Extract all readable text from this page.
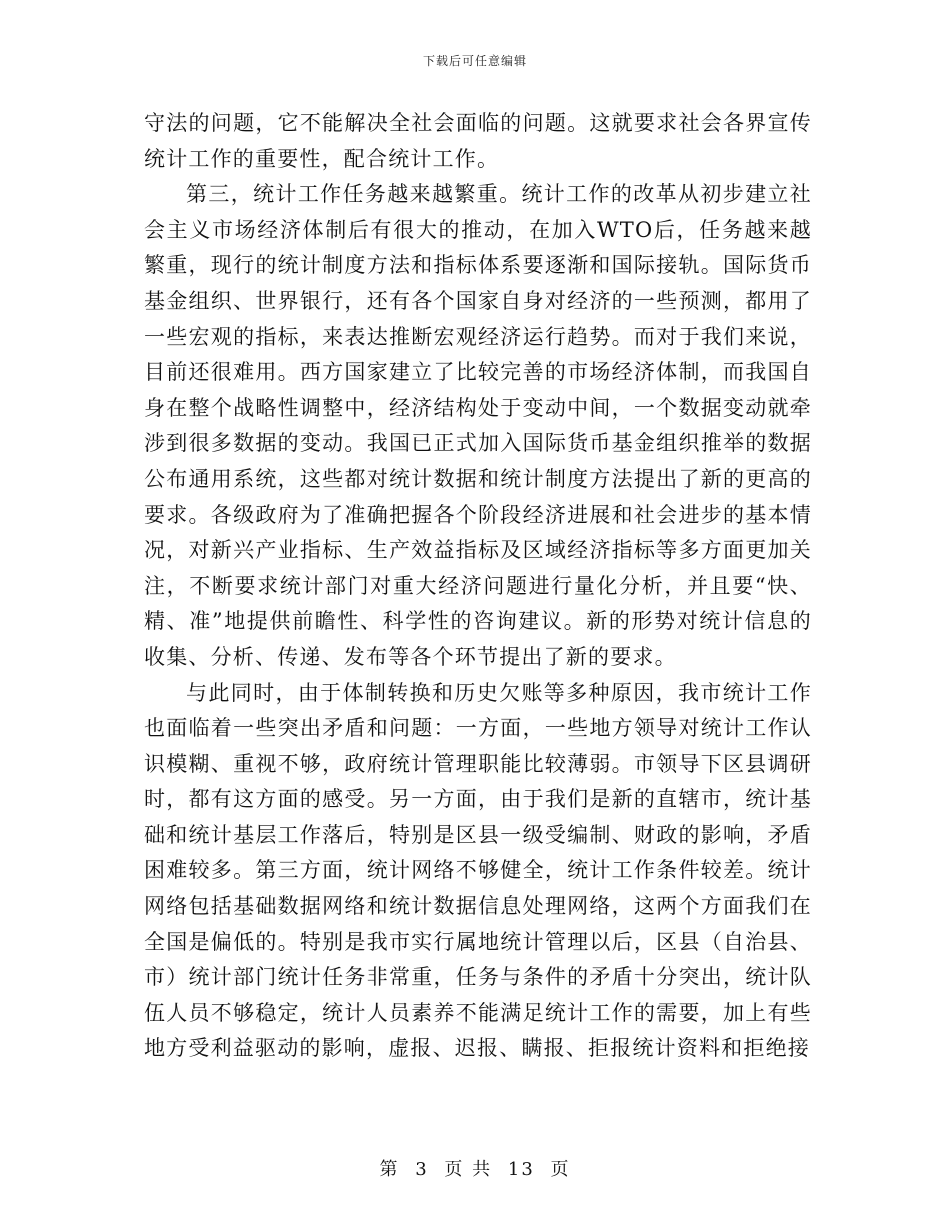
下载后可任意编辑

守法的问题，它不能解决全社会面临的问题。这就要求社会各界宣传统计工作的重要性，配合统计工作。

第三，统计工作任务越来越繁重。统计工作的改革从初步建立社会主义市场经济体制后有很大的推动，在加入WTO后，任务越来越繁重，现行的统计制度方法和指标体系要逐渐和国际接轨。国际货币基金组织、世界银行，还有各个国家自身对经济的一些预测，都用了一些宏观的指标，来表达推断宏观经济运行趋势。而对于我们来说，目前还很难用。西方国家建立了比较完善的市场经济体制，而我国自身在整个战略性调整中，经济结构处于变动中间，一个数据变动就牵涉到很多数据的变动。我国已正式加入国际货币基金组织推举的数据公布通用系统，这些都对统计数据和统计制度方法提出了新的更高的要求。各级政府为了准确把握各个阶段经济进展和社会进步的基本情况，对新兴产业指标、生产效益指标及区域经济指标等多方面更加关注，不断要求统计部门对重大经济问题进行量化分析，并且要“快、精、准”地提供前瞻性、科学性的咨询建议。新的形势对统计信息的收集、分析、传递、发布等各个环节提出了新的要求。

与此同时，由于体制转换和历史欠账等多种原因，我市统计工作也面临着一些突出矛盾和问题：一方面，一些地方领导对统计工作认识模糊、重视不够，政府统计管理职能比较薄弱。市领导下区县调研时，都有这方面的感受。另一方面，由于我们是新的直辖市，统计基础和统计基层工作落后，特别是区县一级受编制、财政的影响，矛盾困难较多。第三方面，统计网络不够健全，统计工作条件较差。统计网络包括基础数据网络和统计数据信息处理网络，这两个方面我们在全国是偏低的。特别是我市实行属地统计管理以后，区县（自治县、市）统计部门统计任务非常重，任务与条件的矛盾十分突出，统计队伍人员不够稳定，统计人员素养不能满足统计工作的需要，加上有些地方受利益驱动的影响，虚报、迟报、瞒报、拒报统计资料和拒绝接

第 3 页 共 13 页
